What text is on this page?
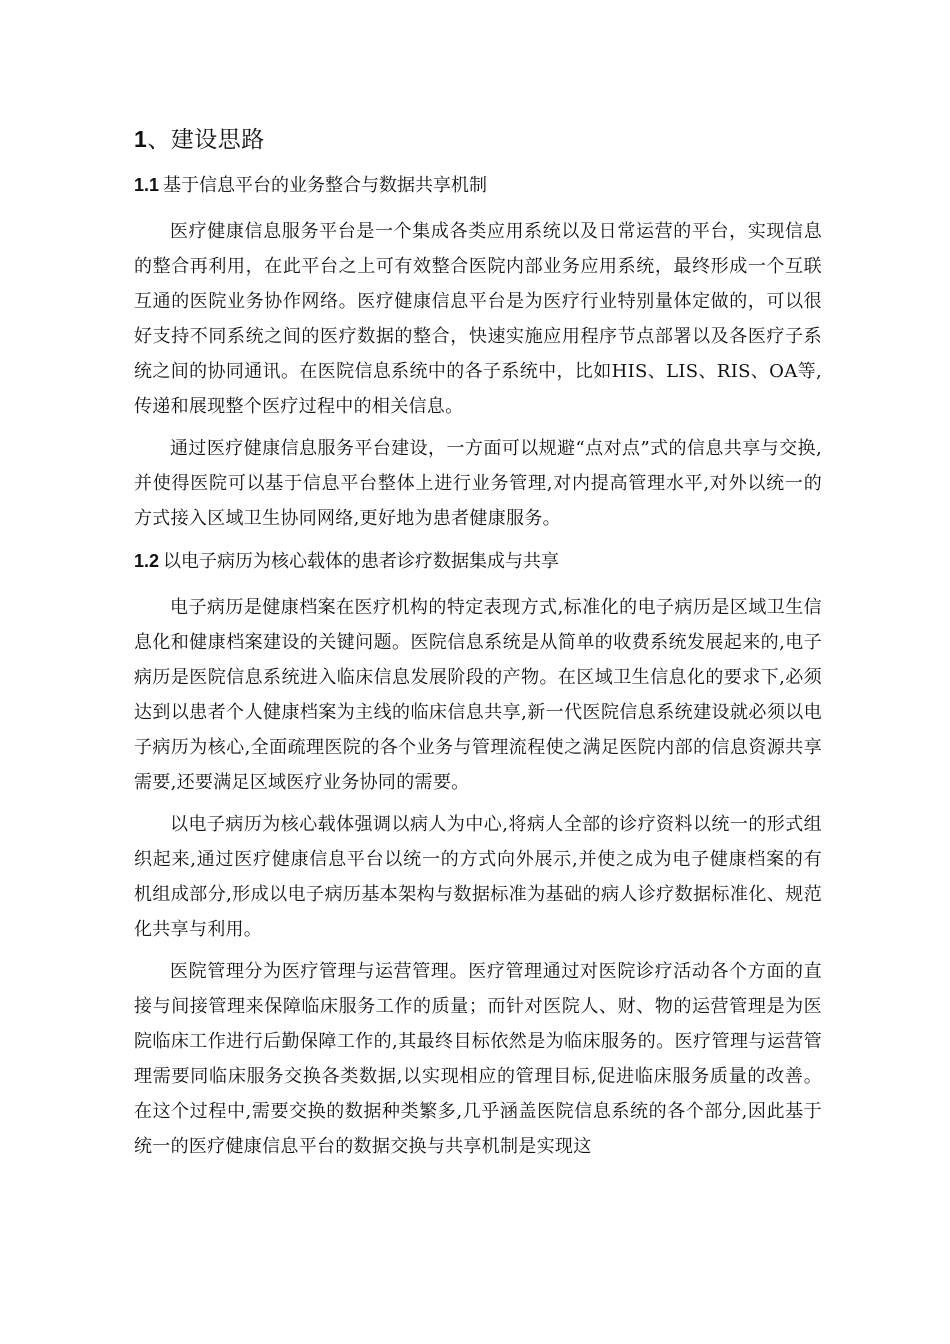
1、建设思路
1.1 基于信息平台的业务整合与数据共享机制

医疗健康信息服务平台是一个集成各类应用系统以及日常运营的平台，实现信息的整合再利用，在此平台之上可有效整合医院内部业务应用系统，最终形成一个互联互通的医院业务协作网络。医疗健康信息平台是为医疗行业特别量体定做的，可以很好支持不同系统之间的医疗数据的整合，快速实施应用程序节点部署以及各医疗子系统之间的协同通讯。在医院信息系统中的各子系统中，比如HIS、LIS、RIS、OA等,传递和展现整个医疗过程中的相关信息。

通过医疗健康信息服务平台建设，一方面可以规避“点对点”式的信息共享与交换,并使得医院可以基于信息平台整体上进行业务管理,对内提高管理水平,对外以统一的方式接入区域卫生协同网络,更好地为患者健康服务。

1.2 以电子病历为核心载体的患者诊疗数据集成与共享

电子病历是健康档案在医疗机构的特定表现方式,标准化的电子病历是区域卫生信息化和健康档案建设的关键问题。医院信息系统是从简单的收费系统发展起来的,电子病历是医院信息系统进入临床信息发展阶段的产物。在区域卫生信息化的要求下,必须达到以患者个人健康档案为主线的临床信息共享,新一代医院信息系统建设就必须以电子病历为核心,全面疏理医院的各个业务与管理流程使之满足医院内部的信息资源共享需要,还要满足区域医疗业务协同的需要。

以电子病历为核心载体强调以病人为中心,将病人全部的诊疗资料以统一的形式组织起来,通过医疗健康信息平台以统一的方式向外展示,并使之成为电子健康档案的有机组成部分,形成以电子病历基本架构与数据标准为基础的病人诊疗数据标准化、规范化共享与利用。

医院管理分为医疗管理与运营管理。医疗管理通过对医院诊疗活动各个方面的直接与间接管理来保障临床服务工作的质量；而针对医院人、财、物的运营管理是为医院临床工作进行后勤保障工作的,其最终目标依然是为临床服务的。医疗管理与运营管理需要同临床服务交换各类数据,以实现相应的管理目标,促进临床服务质量的改善。在这个过程中,需要交换的数据种类繁多,几乎涵盖医院信息系统的各个部分,因此基于统一的医疗健康信息平台的数据交换与共享机制是实现这
